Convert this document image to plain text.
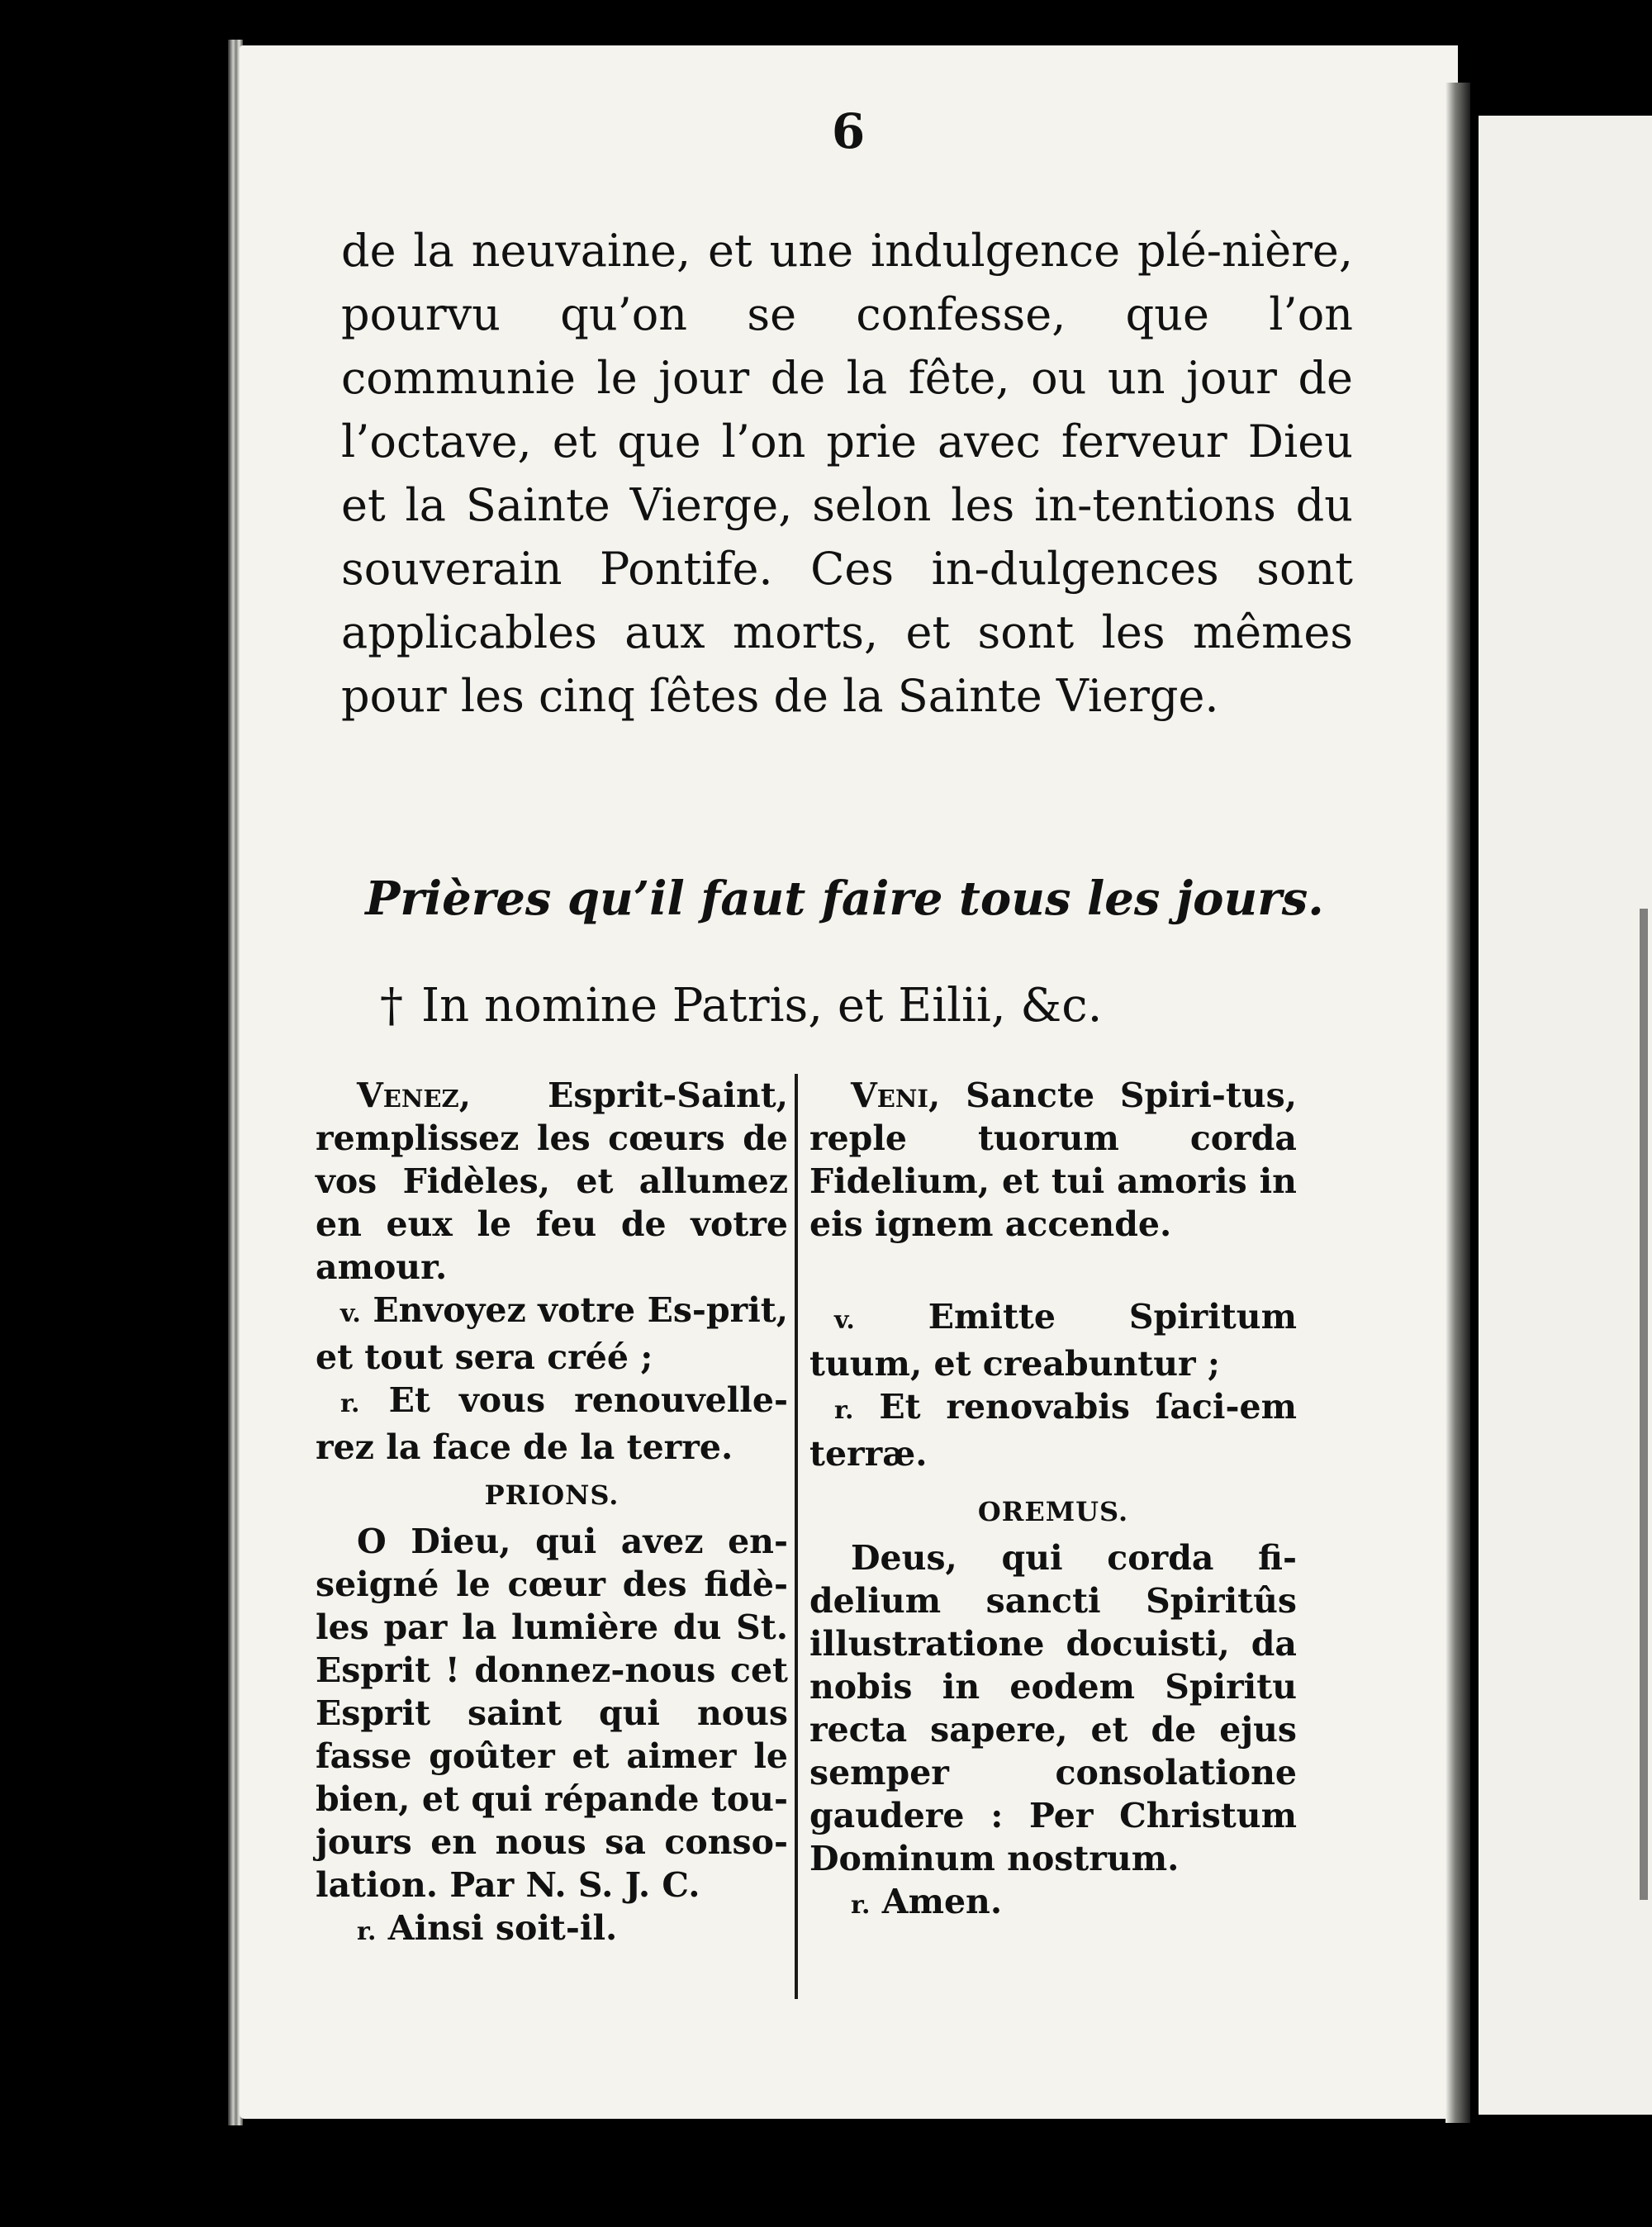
6

de la neuvaine, et une indulgence plé-nière, pourvu qu’on se confesse, que l’on communie le jour de la fête, ou un jour de l’octave, et que l’on prie avec ferveur Dieu et la Sainte Vierge, selon les in-tentions du souverain Pontife. Ces in-dulgences sont applicables aux morts, et sont les mêmes pour les cinq ſêtes de la Sainte Vierge.

Prières qu’il faut faire tous les jours.

† In nomine Patris, et Eilii, &c.

Venez, Esprit-Saint, remplissez les cœurs de vos Fidèles, et allumez en eux le feu de votre amour.

v. Envoyez votre Es-prit, et tout sera créé ;

r. Et vous renouvelle-rez la face de la terre.

PRIONS.

O Dieu, qui avez en-seigné le cœur des fidè-les par la lumière du St. Esprit ! donnez-nous cet Esprit saint qui nous fasse goûter et aimer le bien, et qui répande tou-jours en nous sa conso-lation. Par N. S. J. C.

r. Ainsi soit-il.

Veni, Sancte Spiri-tus, reple tuorum corda Fidelium, et tui amoris in eis ignem accende.

v. Emitte Spiritum tuum, et creabuntur ;

r. Et renovabis ſaci-em terræ.

OREMUS.

Deus, qui corda fi-delium sancti Spiritûs illustratione docuisti, da nobis in eodem Spiritu recta sapere, et de ejus semper consolatione gaudere : Per Christum Dominum nostrum.

r. Amen.
